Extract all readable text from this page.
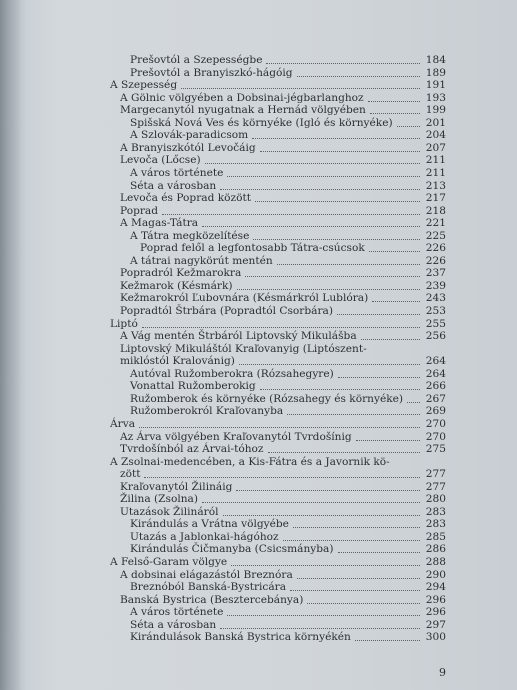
Prešovtól a Szepességbe	184
Prešovtól a Branyiszkó-hágóig	189
A Szepesség	191
A Gölnic völgyében a Dobsinai-jégbarlanghoz	193
Margecanytól nyugatnak a Hernád völgyében	199
Spišská Nová Ves és környéke (Igló és környéke)	201
A Szlovák-paradicsom	204
A Branyiszkótól Levočáig	207
Levoča (Lőcse)	211
A város története	211
Séta a városban	213
Levoča és Poprad között	217
Poprad	218
A Magas-Tátra	221
A Tátra megközelítése	225
Poprad felől a legfontosabb Tátra-csúcsok	226
A tátrai nagykörút mentén	226
Popradról Kežmarokra	237
Kežmarok (Késmárk)	239
Kežmarokról Ľubovnára (Késmárkról Lublóra)	243
Popradtól Štrbára (Popradtól Csorbára)	253
Liptó	255
A Vág mentén Štrbáról Liptovský Mikulášba	256
Liptovský Mikuláštól Kraľovanyig (Liptószent-
miklóstól Kralovánig)	264
Autóval Ružomberokra (Rózsahegyre)	264
Vonattal Ružomberokig	266
Ružomberok és környéke (Rózsahegy és környéke)	267
Ružomberokról Kraľovanyba	269
Árva	270
Az Árva völgyében Kraľovanytól Tvrdošínig	270
Tvrdošínból az Árvai-tóhoz	275
A Zsolnai-medencében, a Kis-Fátra és a Javornik kö-
zött	277
Kraľovanytól Žilináig	277
Žilina (Zsolna)	280
Utazások Žilináról	283
Kirándulás a Vrátna völgyébe	283
Utazás a Jablonkai-hágóhoz	285
Kirándulás Čičmanyba (Csicsmányba)	286
A Felső-Garam völgye	288
A dobsinai elágazástól Breznóra	290
Breznóból Banská-Bystricára	294
Banská Bystrica (Besztercebánya)	296
A város története	296
Séta a városban	297
Kirándulások Banská Bystrica környékén	300
9
